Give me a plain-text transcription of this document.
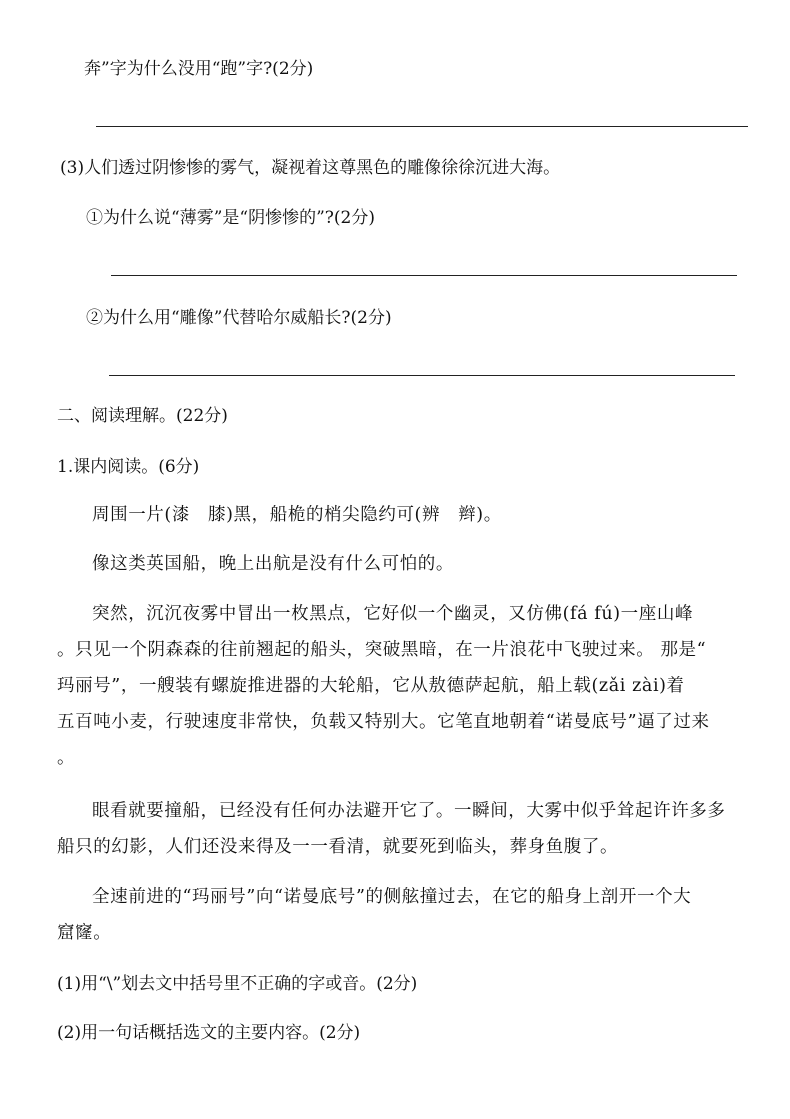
奔”字为什么没用“跑”字?(2分)
(3)人们透过阴惨惨的雾气，凝视着这尊黑色的雕像徐徐沉进大海。
①为什么说“薄雾”是“阴惨惨的”?(2分)
②为什么用“雕像”代替哈尔威船长?(2分)
二、阅读理解。(22分)
1.课内阅读。(6分)
周围一片(漆　膝)黑，船桅的梢尖隐约可(辨　辫)。
像这类英国船，晚上出航是没有什么可怕的。
突然，沉沉夜雾中冒出一枚黑点，它好似一个幽灵，又仿佛(fá fú)一座山峰
。只见一个阴森森的往前翘起的船头，突破黑暗，在一片浪花中飞驶过来。 那是“
玛丽号”，一艘装有螺旋推进器的大轮船，它从敖德萨起航，船上载(zǎi zài)着
五百吨小麦，行驶速度非常快，负载又特别大。它笔直地朝着“诺曼底号”逼了过来
。
眼看就要撞船，已经没有任何办法避开它了。一瞬间，大雾中似乎耸起许许多多
船只的幻影，人们还没来得及一一看清，就要死到临头，葬身鱼腹了。
全速前进的“玛丽号”向“诺曼底号”的侧舷撞过去，在它的船身上剖开一个大
窟窿。
(1)用“\”划去文中括号里不正确的字或音。(2分)
(2)用一句话概括选文的主要内容。(2分)
